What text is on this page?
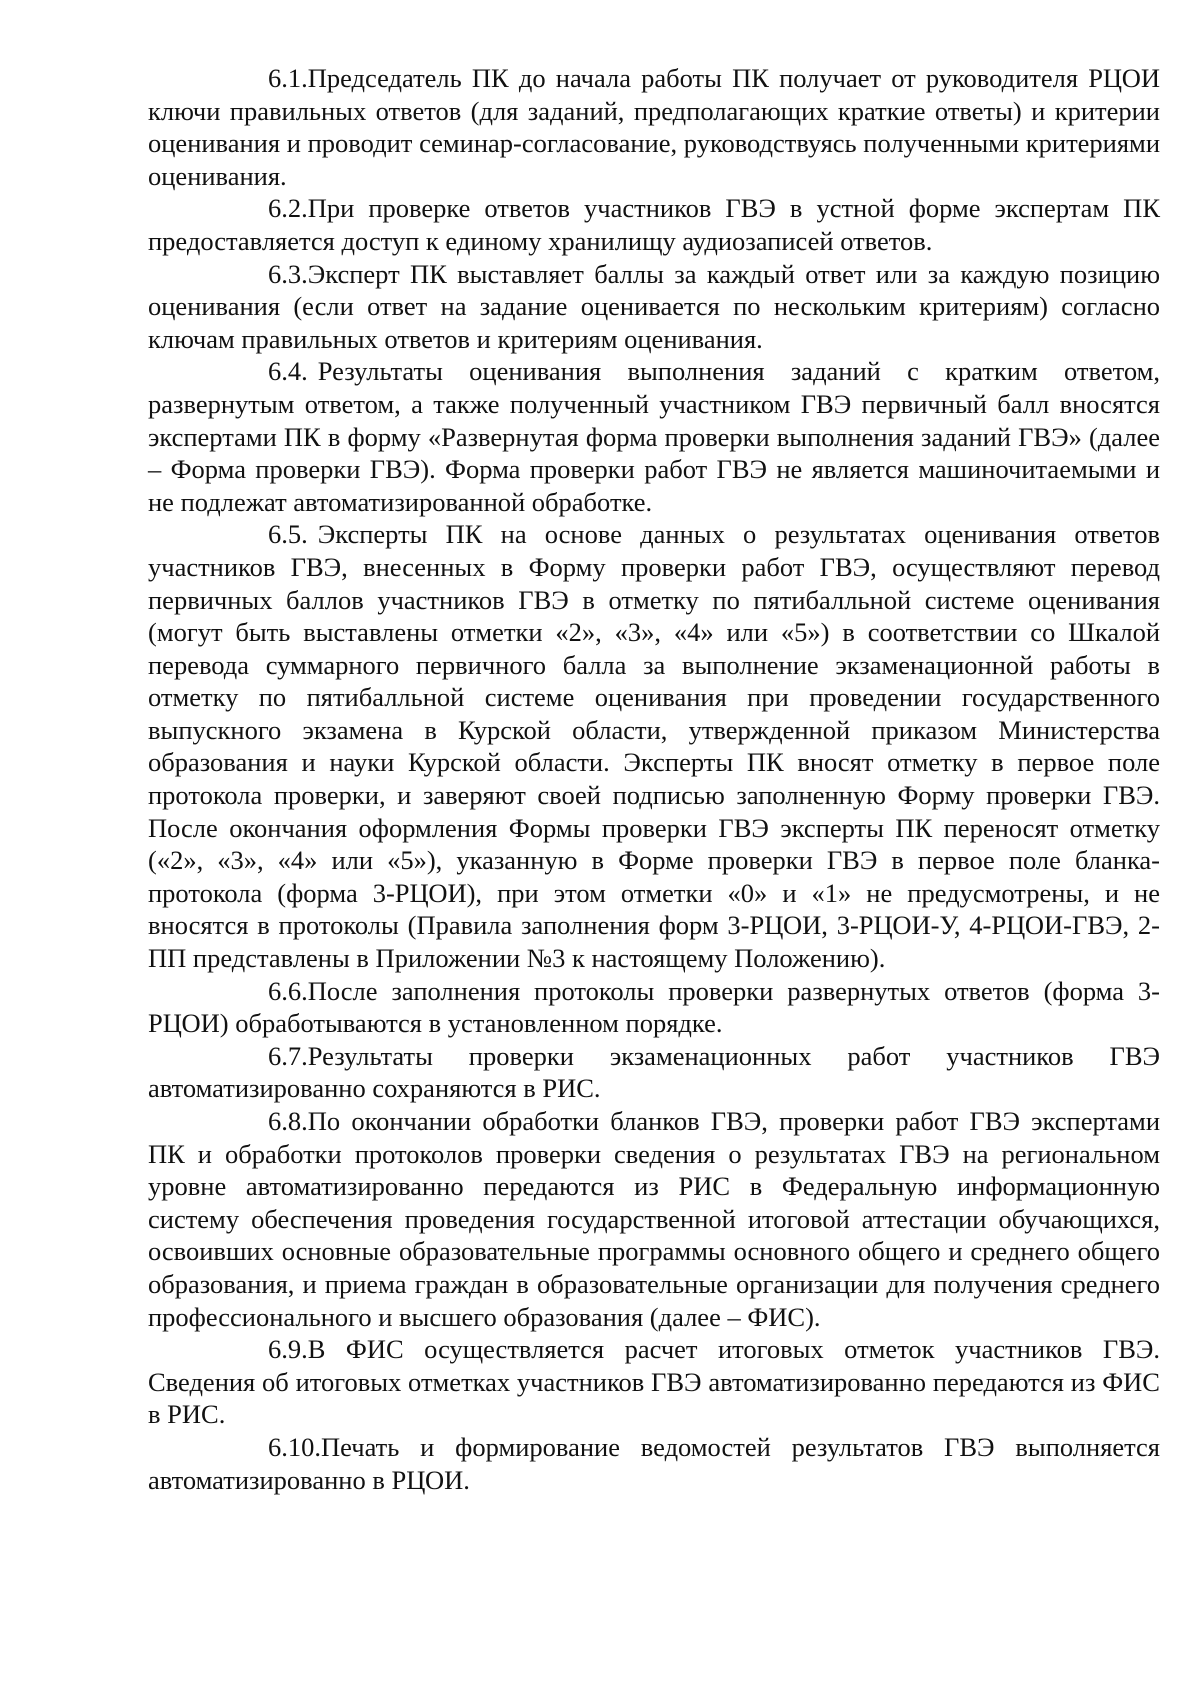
6.1.Председатель ПК до начала работы ПК получает от руководителя РЦОИ ключи правильных ответов (для заданий, предполагающих краткие ответы) и критерии оценивания и проводит семинар-согласование, руководствуясь полученными критериями оценивания.

6.2.При проверке ответов участников ГВЭ в устной форме экспертам ПК предоставляется доступ к единому хранилищу аудиозаписей ответов.

6.3.Эксперт ПК выставляет баллы за каждый ответ или за каждую позицию оценивания (если ответ на задание оценивается по нескольким критериям) согласно ключам правильных ответов и критериям оценивания.

6.4. Результаты оценивания выполнения заданий с кратким ответом, развернутым ответом, а также полученный участником ГВЭ первичный балл вносятся экспертами ПК в форму «Развернутая форма проверки выполнения заданий ГВЭ» (далее – Форма проверки ГВЭ). Форма проверки работ ГВЭ не является машиночитаемыми и не подлежат автоматизированной обработке.

6.5. Эксперты ПК на основе данных о результатах оценивания ответов участников ГВЭ, внесенных в Форму проверки работ ГВЭ, осуществляют перевод первичных баллов участников ГВЭ в отметку по пятибалльной системе оценивания (могут быть выставлены отметки «2», «3», «4» или «5») в соответствии со Шкалой перевода суммарного первичного балла за выполнение экзаменационной работы в отметку по пятибалльной системе оценивания при проведении государственного выпускного экзамена в Курской области, утвержденной приказом Министерства образования и науки Курской области. Эксперты ПК вносят отметку в первое поле протокола проверки, и заверяют своей подписью заполненную Форму проверки ГВЭ. После окончания оформления Формы проверки ГВЭ эксперты ПК переносят отметку («2», «3», «4» или «5»), указанную в Форме проверки ГВЭ в первое поле бланка-протокола (форма 3-РЦОИ), при этом отметки «0» и «1» не предусмотрены, и не вносятся в протоколы (Правила заполнения форм 3-РЦОИ, 3-РЦОИ-У, 4-РЦОИ-ГВЭ, 2-ПП представлены в Приложении №3 к настоящему Положению).

6.6.После заполнения протоколы проверки развернутых ответов (форма 3-РЦОИ) обработываются в установленном порядке.

6.7.Результаты проверки экзаменационных работ участников ГВЭ автоматизированно сохраняются в РИС.

6.8.По окончании обработки бланков ГВЭ, проверки работ ГВЭ экспертами ПК и обработки протоколов проверки сведения о результатах ГВЭ на региональном уровне автоматизированно передаются из РИС в Федеральную информационную систему обеспечения проведения государственной итоговой аттестации обучающихся, освоивших основные образовательные программы основного общего и среднего общего образования, и приема граждан в образовательные организации для получения среднего профессионального и высшего образования (далее – ФИС).

6.9.В ФИС осуществляется расчет итоговых отметок участников ГВЭ. Сведения об итоговых отметках участников ГВЭ автоматизированно передаются из ФИС в РИС.

6.10.Печать и формирование ведомостей результатов ГВЭ выполняется автоматизированно в РЦОИ.
